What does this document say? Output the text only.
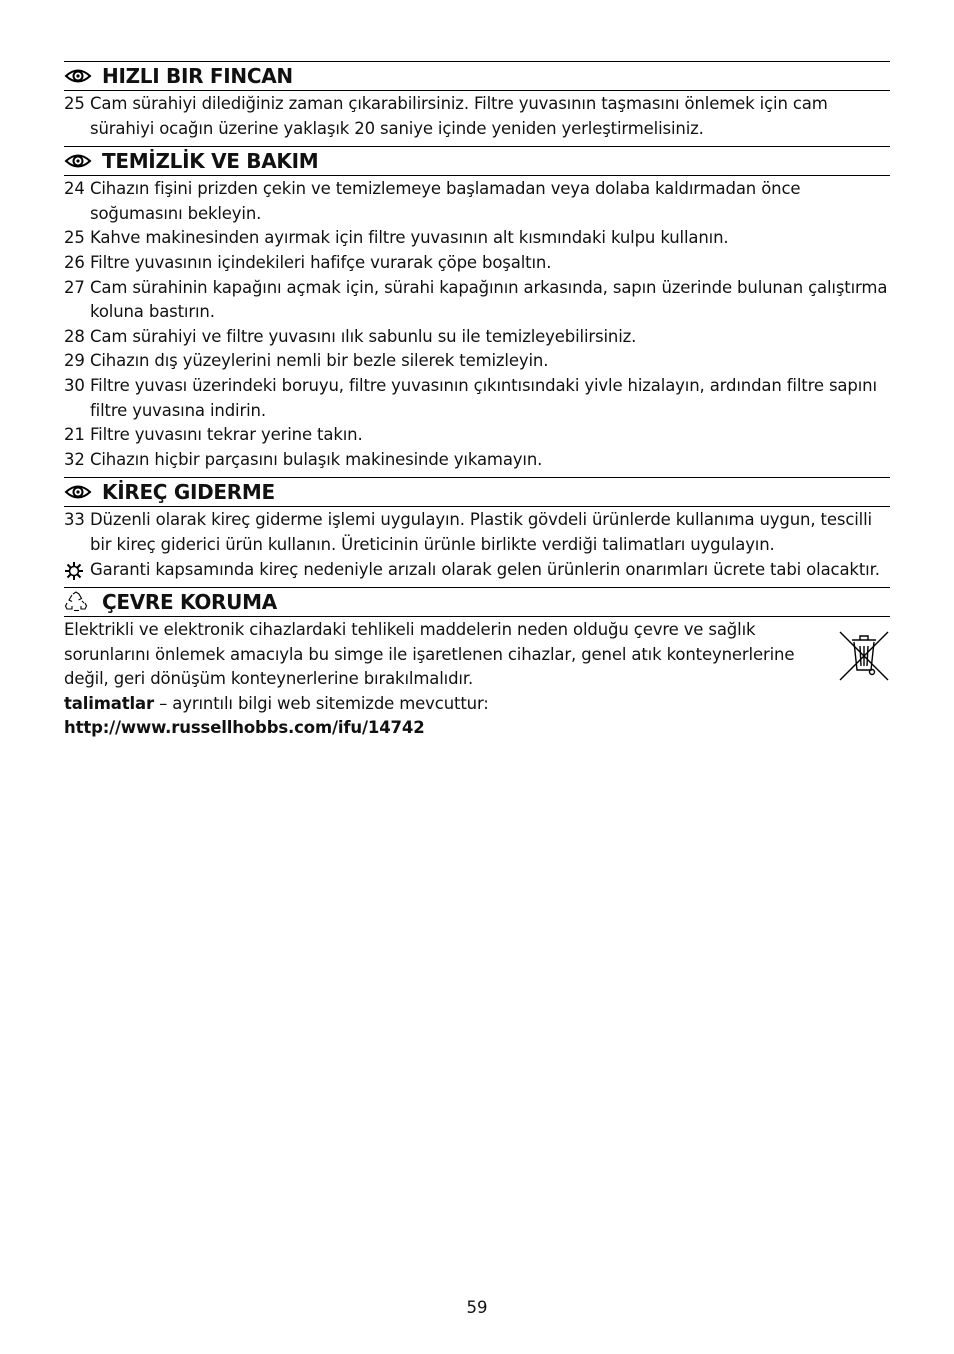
HIZLI BIR FINCAN
25 Cam sürahiyi dilediğiniz zaman çıkarabilirsiniz. Filtre yuvasının taşmasını önlemek için cam sürahiyi ocağın üzerine yaklaşık 20 saniye içinde yeniden yerleştirmelisiniz.
TEMİZLİK VE BAKIM
24 Cihazın fişini prizden çekin ve temizlemeye başlamadan veya dolaba kaldırmadan önce soğumasını bekleyin.
25 Kahve makinesinden ayırmak için filtre yuvasının alt kısmındaki kulpu kullanın.
26 Filtre yuvasının içindekileri hafifçe vurarak çöpe boşaltın.
27 Cam sürahinin kapağını açmak için, sürahi kapağının arkasında, sapın üzerinde bulunan çalıştırma koluna bastırın.
28 Cam sürahiyi ve filtre yuvasını ılık sabunlu su ile temizleyebilirsiniz.
29 Cihazın dış yüzeylerini nemli bir bezle silerek temizleyin.
30 Filtre yuvası üzerindeki boruyu, filtre yuvasının çıkıntısındaki yivle hizalayın, ardından filtre sapını filtre yuvasına indirin.
21 Filtre yuvasını tekrar yerine takın.
32 Cihazın hiçbir parçasını bulaşık makinesinde yıkamayın.
KİREÇ GIDERME
33 Düzenli olarak kireç giderme işlemi uygulayın. Plastik gövdeli ürünlerde kullanıma uygun, tescilli bir kireç giderici ürün kullanın. Üreticinin ürünle birlikte verdiği talimatları uygulayın.
Garanti kapsamında kireç nedeniyle arızalı olarak gelen ürünlerin onarımları ücrete tabi olacaktır.
ÇEVRE KORUMA

Elektrikli ve elektronik cihazlardaki tehlikeli maddelerin neden olduğu çevre ve sağlık sorunlarını önlemek amacıyla bu simge ile işaretlenen cihazlar, genel atık konteynerlerine değil, geri dönüşüm konteynerlerine bırakılmalıdır.

talimatlar – ayrıntılı bilgi web sitemizde mevcuttur:

http://www.russellhobbs.com/ifu/14742

59
